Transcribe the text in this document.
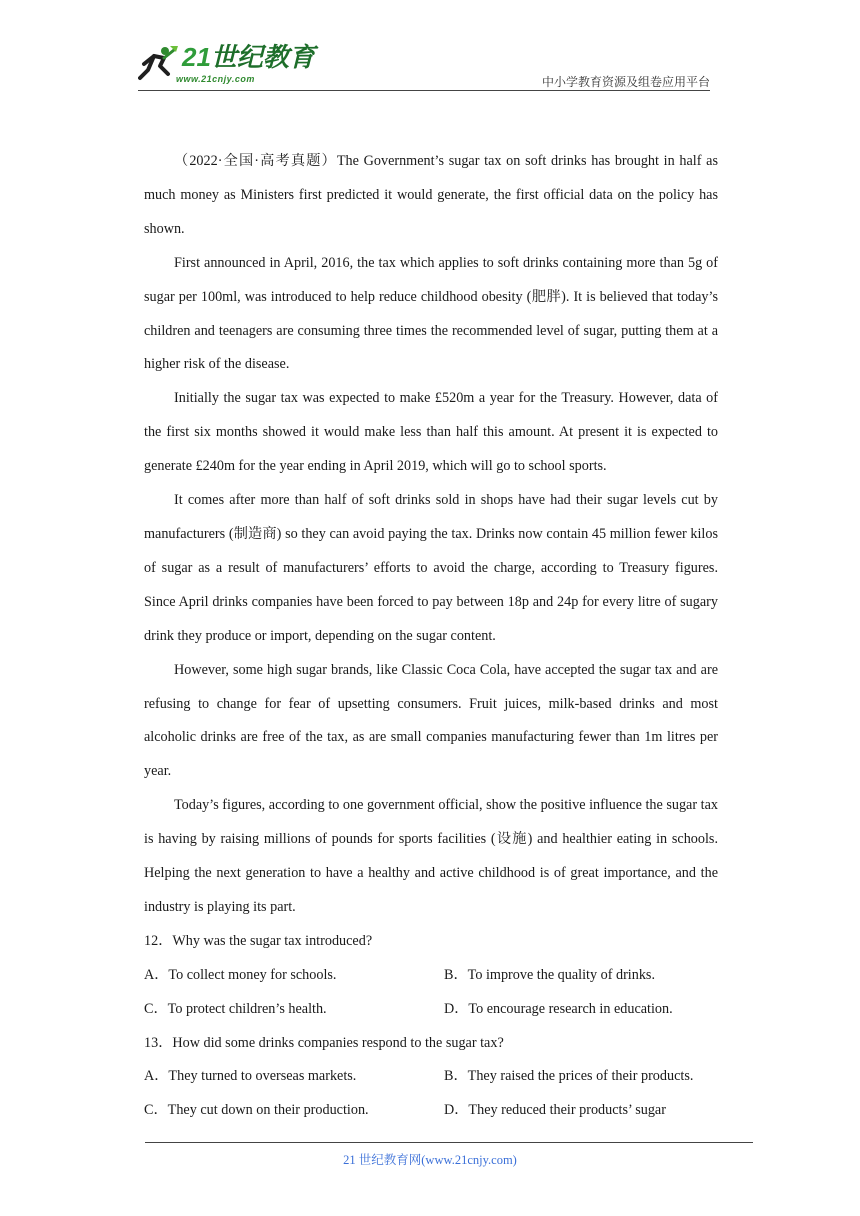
21世纪教育
www.21cnjy.com	中小学教育资源及组卷应用平台

（2022·全国·高考真题）The Government’s sugar tax on soft drinks has brought in half as much money as Ministers first predicted it would generate, the first official data on the policy has shown.

First announced in April, 2016, the tax which applies to soft drinks containing more than 5g of sugar per 100ml, was introduced to help reduce childhood obesity (肥胖). It is believed that today’s children and teenagers are consuming three times the recommended level of sugar, putting them at a higher risk of the disease.

Initially the sugar tax was expected to make £520m a year for the Treasury. However, data of the first six months showed it would make less than half this amount. At present it is expected to generate £240m for the year ending in April 2019, which will go to school sports.

It comes after more than half of soft drinks sold in shops have had their sugar levels cut by manufacturers (制造商) so they can avoid paying the tax. Drinks now contain 45 million fewer kilos of sugar as a result of manufacturers’ efforts to avoid the charge, according to Treasury figures. Since April drinks companies have been forced to pay between 18p and 24p for every litre of sugary drink they produce or import, depending on the sugar content.

However, some high sugar brands, like Classic Coca Cola, have accepted the sugar tax and are refusing to change for fear of upsetting consumers. Fruit juices, milk-based drinks and most alcoholic drinks are free of the tax, as are small companies manufacturing fewer than 1m litres per year.

Today’s figures, according to one government official, show the positive influence the sugar tax is having by raising millions of pounds for sports facilities (设施) and healthier eating in schools. Helping the next generation to have a healthy and active childhood is of great importance, and the industry is playing its part.

12．Why was the sugar tax introduced?

A．To collect money for schools.	B．To improve the quality of drinks.
C．To protect children’s health.	D．To encourage research in education.

13．How did some drinks companies respond to the sugar tax?

A．They turned to overseas markets.	B．They raised the prices of their products.
C．They cut down on their production.	D．They reduced their products’ sugar
21 世纪教育网(www.21cnjy.com)
